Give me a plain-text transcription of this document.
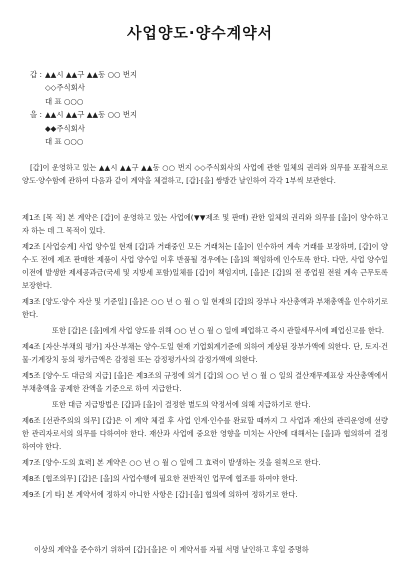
사업양도·양수계약서
갑 : ▲▲시 ▲▲구 ▲▲동 ○○ 번지
◇◇주식회사
대 표 ○○○
을 : ▲▲시 ▲▲구 ▲▲동 ○○ 번지
◆◆주식회사
대 표 ○○○
[갑]이 운영하고 있는 ▲▲시 ▲▲구 ▲▲동 ○○ 번지 ◇◇주식회사의 사업에 관한 일체의 권리와 의무를 포괄적으로 양도·양수함에 관하여 다음과 같이 계약을 체결하고, [갑]·[을] 쌍방간 날인하여 각각 1부씩 보관한다.

제1조 [목 적] 본 계약은 [갑]이 운영하고 있는 사업에(▼▼제조 및 판매) 관한 일체의 권리와 의무를 [을]이 양수하고자 하는 데 그 목적이 있다.

제2조 [사업승계] 사업 양수일 현재 [갑]과 거래중인 모든 거래처는 [을]이 인수하여 계속 거래를 보장하며, [갑]이 양수·도 전에 제조 판매한 제품이 사업 양수일 이후 반품될 경우에는 [을]의 책임하에 인수토록 한다. 다만, 사업 양수일 이전에 발생한 제세공과금(국세 및 지방세 포함)일체를 [갑]이 책임지며, [을]은 [갑]의 전 종업원 전원 계속 근무토록 보장한다.

제3조 [양도·양수 자산 및 기준일] [을]은 ○○ 년 ○ 월 ○ 일 현재의 [갑]의 장부나 자산총액과 부채총액을 인수하기로 한다.

또한 [갑]은 [을]에게 사업 양도를 위해 ○○ 년 ○ 월 ○ 일에 폐업하고 즉시 관할세무서에 폐업신고를 한다.

제4조 [자산·부채의 평가] 자산·부채는 양수·도일 현재 기업회계기준에 의하여 계상된 장부가액에 의한다. 단, 토지·건물·기계장치 등의 평가금액은 감정원 또는 감정평가사의 감정가액에 의한다.

제5조 [양수·도 대금의 지급] [을]은 제3조의 규정에 의거 [갑]의 ○○ 년 ○ 월 ○ 일의 결산재무제표상 자산총액에서 부채총액을 공제한 잔액을 기준으로 하여 지급한다.

또한 대금 지급방법은 [갑]과 [을]이 결정한 별도의 약정서에 의해 지급하기로 한다.

제6조 [선관주의의 의무] [갑]은 이 계약 체결 후 사업 인계·인수를 완료할 때까지 그 사업과 재산의 관리운영에 선량한 관리자로서의 의무를 다하여야 한다. 재산과 사업에 중요한 영향을 미치는 사안에 대해서는 [을]과 협의하여 결정하여야 한다.

제7조 [양수·도의 효력] 본 계약은 ○○ 년 ○ 월 ○ 일에 그 효력이 발생하는 것을 원칙으로 한다.

제8조 [협조의무] [갑]은 [을]의 사업수행에 필요한 전반적인 업무에 협조를 하여야 한다.

제9조 [기 타] 본 계약서에 정하지 아니한 사항은 [갑]·[을] 협의에 의하여 정하기로 한다.

이상의 계약을 준수하기 위하여 [갑]·[을]은 이 계약서를 자필 서명 날인하고 후일 증명하
